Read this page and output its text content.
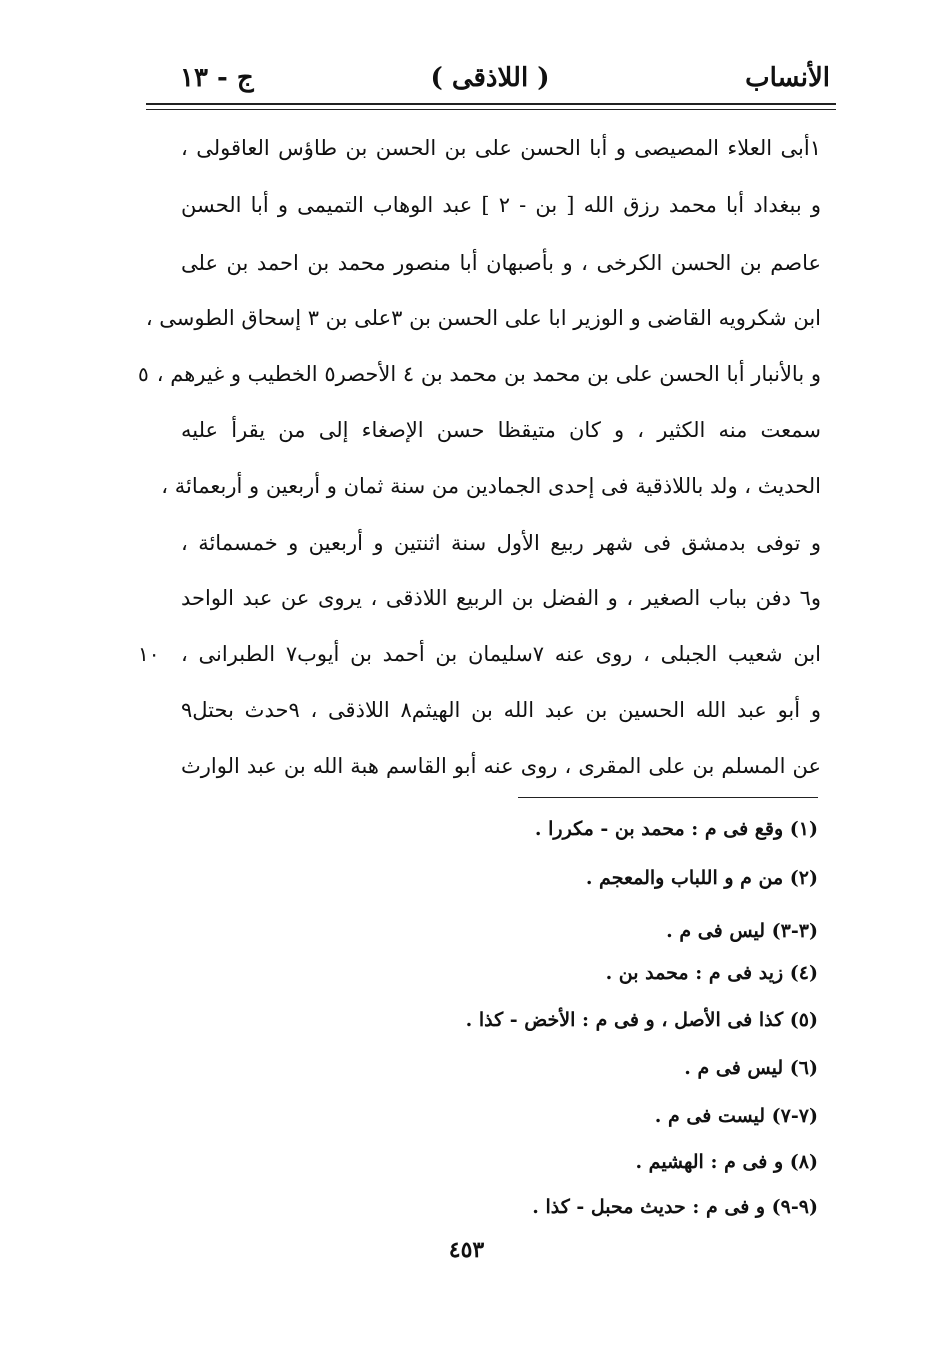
الأنساب
( اللاذقى )
ج - ١٣
١أبى العلاء المصيصى و أبا الحسن على بن الحسن بن طاؤس العاقولى ،
و ببغداد أبا محمد رزق الله [ بن - ٢ ] عبد الوهاب التميمى و أبا الحسن
عاصم بن الحسن الكرخى ، و بأصبهان أبا منصور محمد بن احمد بن على
ابن شكرويه القاضى و الوزير ابا على الحسن بن ٣على بن ٣ إسحاق الطوسى ،
و بالأنبار أبا الحسن على بن محمد بن محمد بن ٤ الأحصر٥ الخطيب و غيرهم ،
سمعت منه الكثير ، و كان متيقظا حسن الإصغاء إلى من يقرأ عليه
الحديث ، ولد باللاذقية فى إحدى الجمادين من سنة ثمان و أربعين و أربعمائة ،
و توفى بدمشق فى شهر ربيع الأول سنة اثنتين و أربعين و خمسمائة ،
و٦ دفن بباب الصغير ، و الفضل بن الربيع اللاذقى ، يروى عن عبد الواحد
ابن شعيب الجبلى ، روى عنه ٧سليمان بن أحمد بن أيوب٧ الطبرانى ،
و أبو عبد الله الحسين بن عبد الله بن الهيثم٨ اللاذقى ، ٩حدث بحتل٩
عن المسلم بن على المقرى ، روى عنه أبو القاسم هبة الله بن عبد الوارث
٥
١٠
(١) وقع فى م : محمد بن - مكررا .
(٢) من م و اللباب والمعجم .
(٣-٣) ليس فى م .
(٤) زيد فى م : محمد بن .
(٥) كذا فى الأصل ، و فى م : الأخض - كذا .
(٦) ليس فى م .
(٧-٧) ليست فى م .
(٨) و فى م : الهشيم .
(٩-٩) و فى م : حديث محبل - كذا .
٤٥٣
